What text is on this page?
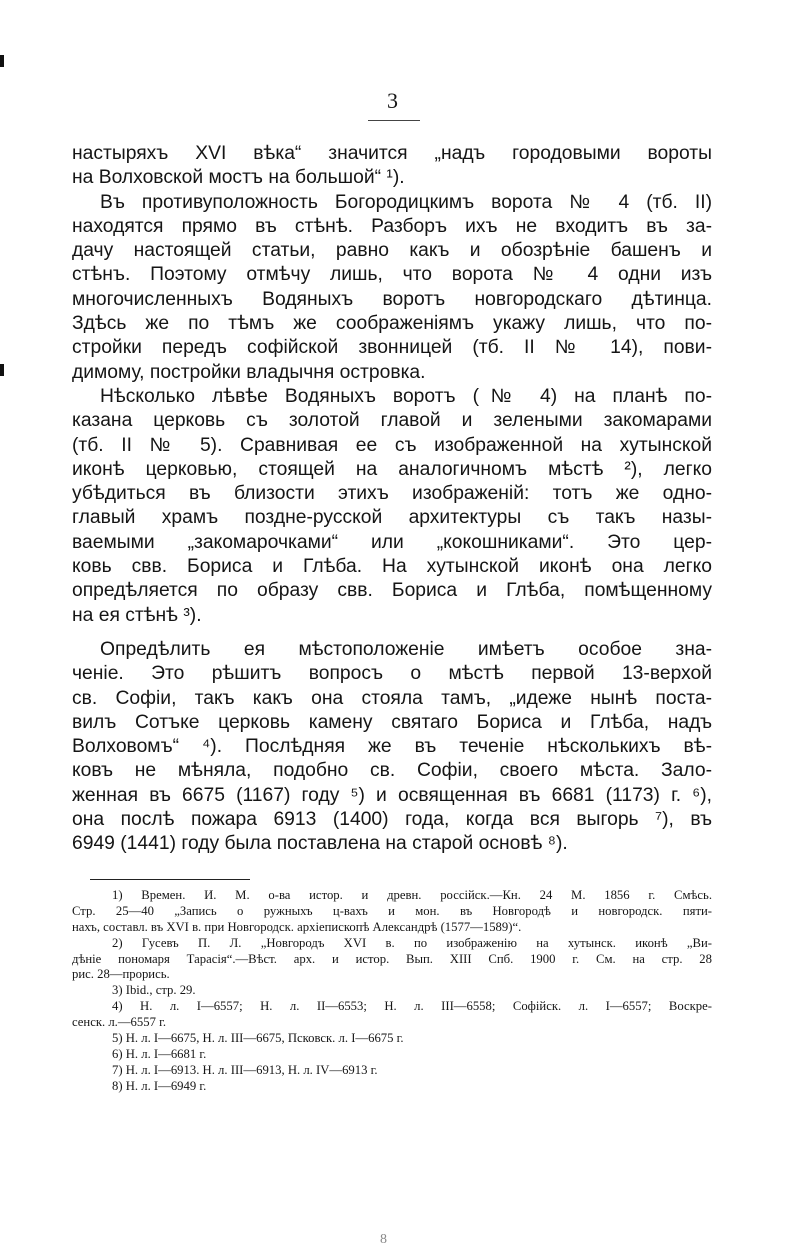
3
настыряхъ XVI вѣка“ значится „надъ городовыми вороты
на Волховской мостъ на большой“ ¹).
Въ противуположность Богородицкимъ ворота № 4 (тб. II)
находятся прямо въ стѣнѣ. Разборъ ихъ не входитъ въ за-
дачу настоящей статьи, равно какъ и обозрѣніе башенъ и
стѣнъ. Поэтому отмѣчу лишь, что ворота № 4 одни изъ
многочисленныхъ Водяныхъ воротъ новгородскаго дѣтинца.
Здѣсь же по тѣмъ же соображеніямъ укажу лишь, что по-
стройки передъ софійской звонницей (тб. II № 14), пови-
димому, постройки владычня островка.
Нѣсколько лѣвѣе Водяныхъ воротъ (№ 4) на планѣ по-
казана церковь съ золотой главой и зелеными закомарами
(тб. II № 5). Сравнивая ее съ изображенной на хутынской
иконѣ церковью, стоящей на аналогичномъ мѣстѣ ²), легко
убѣдиться въ близости этихъ изображеній: тотъ же одно-
главый храмъ поздне-русской архитектуры съ такъ назы-
ваемыми „закомарочками“ или „кокошниками“. Это цер-
ковь свв. Бориса и Глѣба. На хутынской иконѣ она легко
опредѣляется по образу свв. Бориса и Глѣба, помѣщенному
на ея стѣнѣ ³).
Опредѣлить ея мѣстоположеніе имѣетъ особое зна-
ченіе. Это рѣшитъ вопросъ о мѣстѣ первой 13-верхой
св. Софіи, такъ какъ она стояла тамъ, „идеже нынѣ поста-
вилъ Сотъке церковь камену святаго Бориса и Глѣба, надъ
Волховомъ“ ⁴). Послѣдняя же въ теченіе нѣсколькихъ вѣ-
ковъ не мѣняла, подобно св. Софіи, своего мѣста. Зало-
женная въ 6675 (1167) году ⁵) и освященная въ 6681 (1173) г. ⁶),
она послѣ пожара 6913 (1400) года, когда вся выгорь ⁷), въ
6949 (1441) году была поставлена на старой основѣ ⁸).
1) Времен. И. М. о-ва истор. и древн. россійск.—Кн. 24 М. 1856 г. Смѣсь.
Стр. 25—40 „Запись о ружныхъ ц-вахъ и мон. въ Новгородѣ и новгородск. пяти-
нахъ, составл. въ XVI в. при Новгородск. архіепископѣ Александрѣ (1577—1589)“.
2) Гусевъ П. Л. „Новгородъ XVI в. по изображенію на хутынск. иконѣ „Ви-
дѣніе пономаря Тарасія“.—Вѣст. арх. и истор. Вып. XIII Спб. 1900 г. См. на стр. 28
рис. 28—прорись.
3) Ibid., стр. 29.
4) Н. л. I—6557; Н. л. II—6553; Н. л. III—6558; Софійск. л. I—6557; Воскре-
сенск. л.—6557 г.
5) Н. л. I—6675, Н. л. III—6675, Псковск. л. I—6675 г.
6) Н. л. I—6681 г.
7) Н. л. I—6913. Н. л. III—6913, Н. л. IV—6913 г.
8) Н. л. I—6949 г.
8
